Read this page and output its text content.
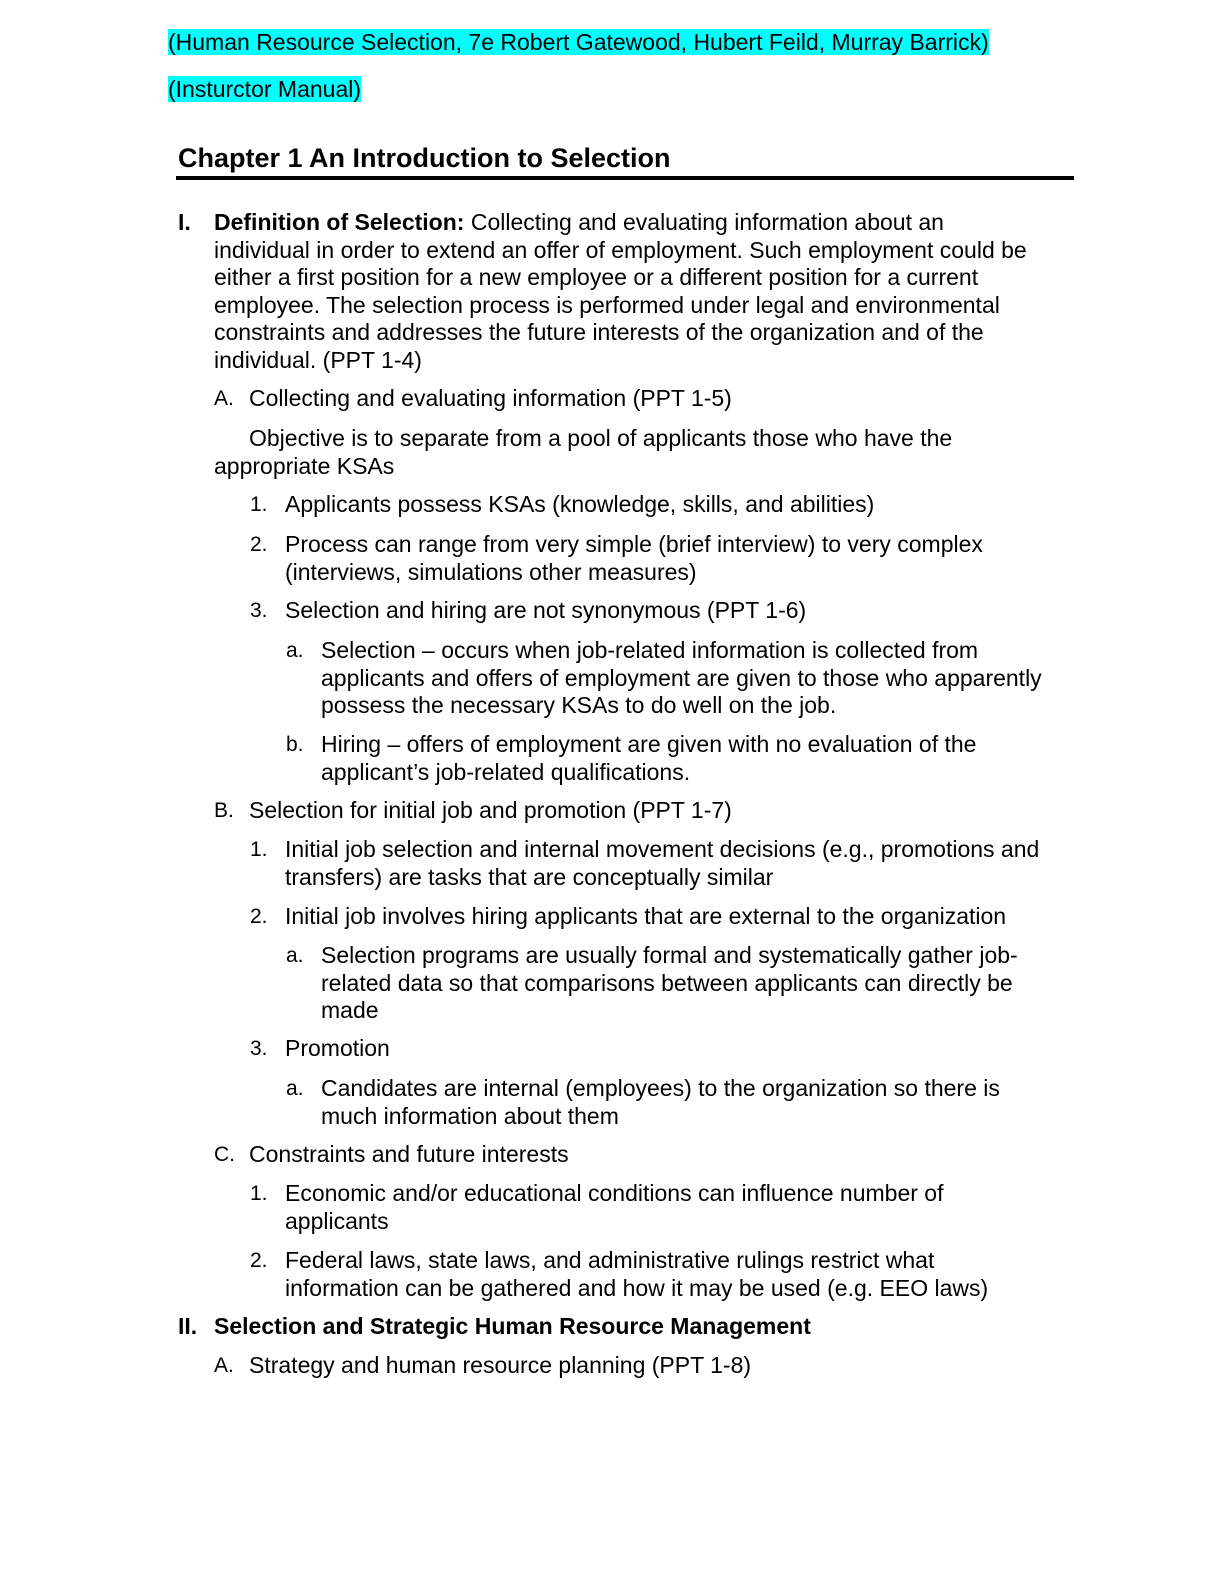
(Human Resource Selection, 7e Robert Gatewood, Hubert Feild, Murray Barrick)
(Insturctor Manual)
Chapter 1 An Introduction to Selection
I. Definition of Selection: Collecting and evaluating information about an
individual in order to extend an offer of employment. Such employment could be
either a first position for a new employee or a different position for a current
employee. The selection process is performed under legal and environmental
constraints and addresses the future interests of the organization and of the
individual. (PPT 1-4)
A. Collecting and evaluating information (PPT 1-5)
Objective is to separate from a pool of applicants those who have the
appropriate KSAs
1. Applicants possess KSAs (knowledge, skills, and abilities)
2. Process can range from very simple (brief interview) to very complex
(interviews, simulations other measures)
3. Selection and hiring are not synonymous (PPT 1-6)
a. Selection – occurs when job-related information is collected from
applicants and offers of employment are given to those who apparently
possess the necessary KSAs to do well on the job.
b. Hiring – offers of employment are given with no evaluation of the
applicant’s job-related qualifications.
B. Selection for initial job and promotion (PPT 1-7)
1. Initial job selection and internal movement decisions (e.g., promotions and
transfers) are tasks that are conceptually similar
2. Initial job involves hiring applicants that are external to the organization
a. Selection programs are usually formal and systematically gather job-
related data so that comparisons between applicants can directly be
made
3. Promotion
a. Candidates are internal (employees) to the organization so there is
much information about them
C. Constraints and future interests
1. Economic and/or educational conditions can influence number of
applicants
2. Federal laws, state laws, and administrative rulings restrict what
information can be gathered and how it may be used (e.g. EEO laws)
II. Selection and Strategic Human Resource Management
A. Strategy and human resource planning (PPT 1-8)
